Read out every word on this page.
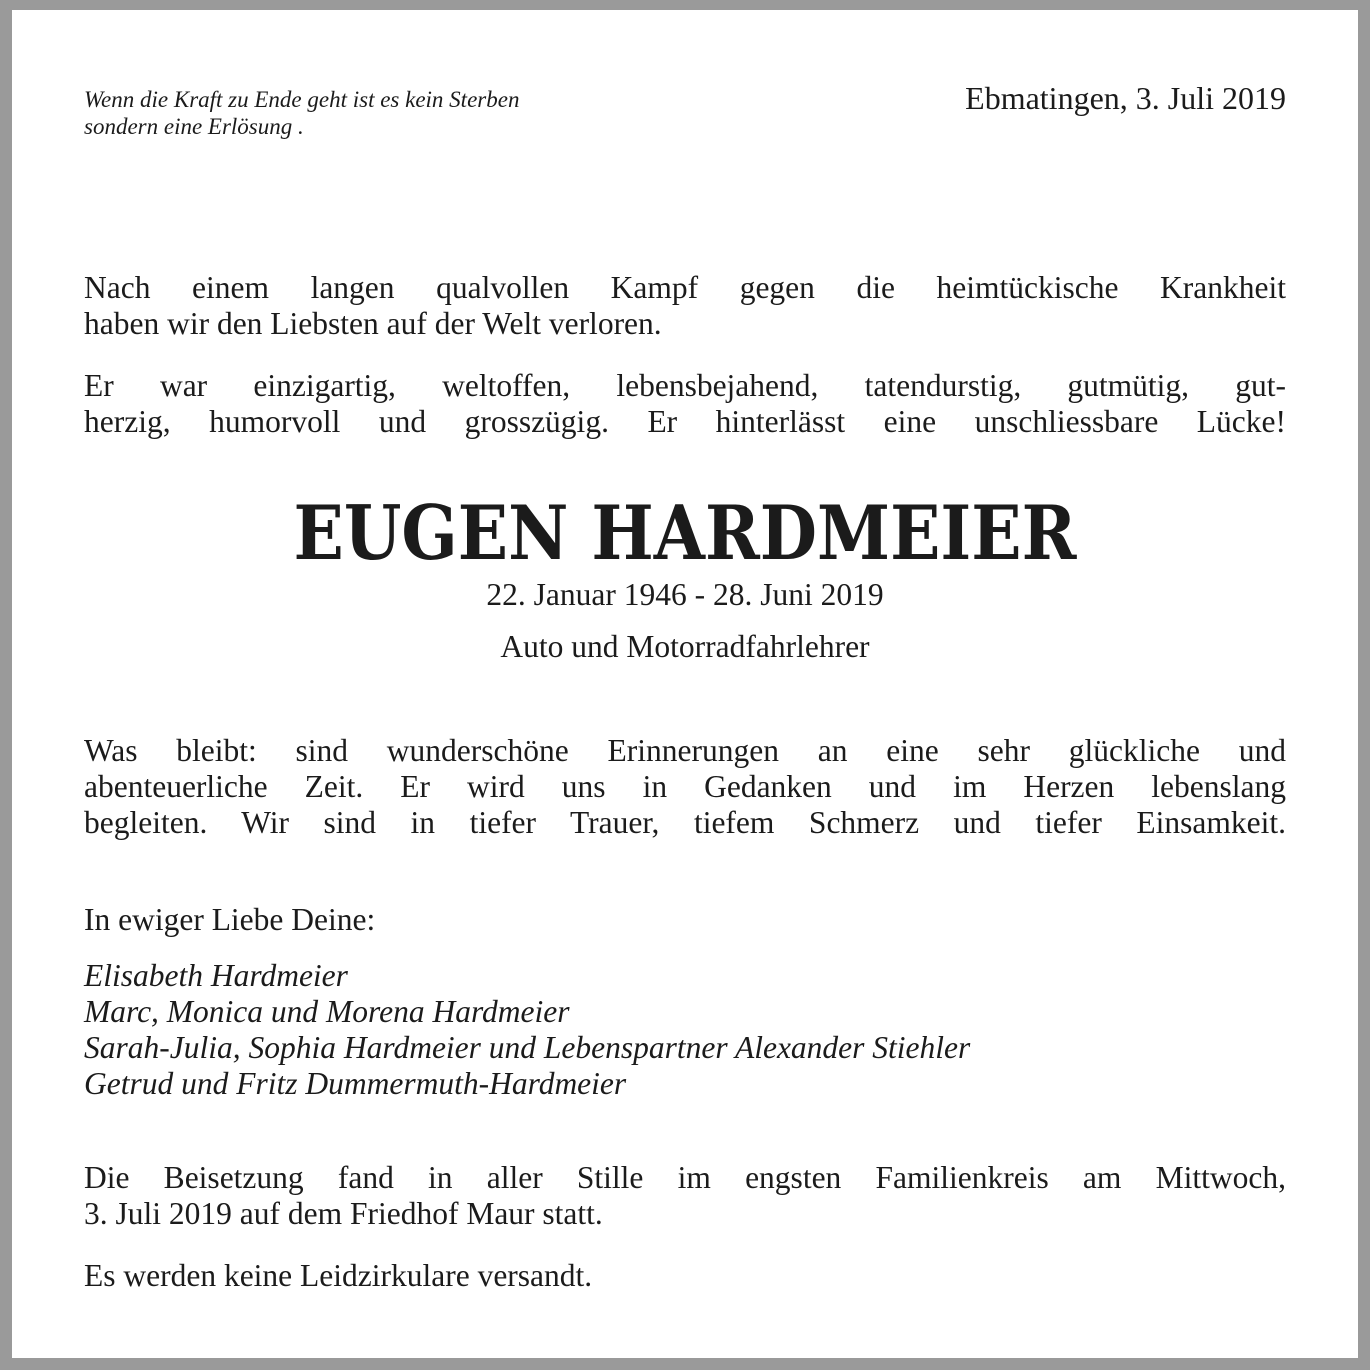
Wenn die Kraft zu Ende geht ist es kein Sterben
sondern eine Erlösung .
Ebmatingen, 3. Juli 2019
Nach einem langen qualvollen Kampf gegen die heimtückische Krankheit
haben wir den Liebsten auf der Welt verloren.
Er war einzigartig, weltoffen, lebensbejahend, tatendurstig, gutmütig, gut-
herzig, humorvoll und grosszügig. Er hinterlässt eine unschliessbare Lücke!
EUGEN HARDMEIER
22. Januar 1946 - 28. Juni 2019
Auto und Motorradfahrlehrer
Was bleibt: sind wunderschöne Erinnerungen an eine sehr glückliche und
abenteuerliche Zeit. Er wird uns in Gedanken und im Herzen lebenslang
begleiten. Wir sind in tiefer Trauer, tiefem Schmerz und tiefer Einsamkeit.
In ewiger Liebe Deine:
Elisabeth Hardmeier
Marc, Monica und Morena Hardmeier
Sarah-Julia, Sophia Hardmeier und Lebenspartner Alexander Stiehler
Getrud und Fritz Dummermuth-Hardmeier
Die Beisetzung fand in aller Stille im engsten Familienkreis am Mittwoch,
3. Juli 2019 auf dem Friedhof Maur statt.
Es werden keine Leidzirkulare versandt.
